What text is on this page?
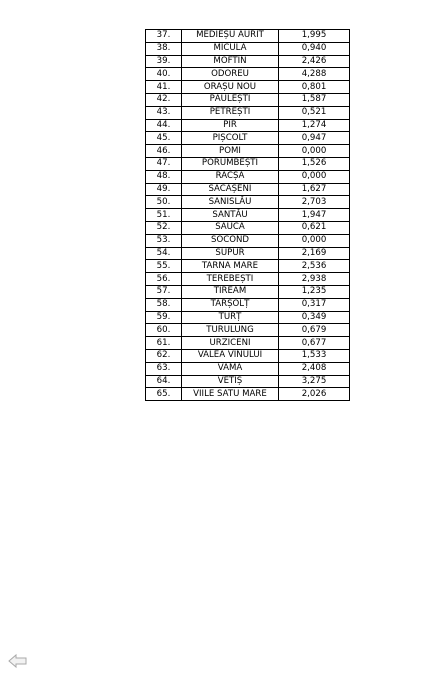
37.	MEDIEȘU AURIT	1,995
38.	MICULA	0,940
39.	MOFTIN	2,426
40.	ODOREU	4,288
41.	ORAȘU NOU	0,801
42.	PĂULEȘTI	1,587
43.	PETREȘTI	0,521
44.	PIR	1,274
45.	PIȘCOLT	0,947
46.	POMI	0,000
47.	PORUMBEȘTI	1,526
48.	RACȘA	0,000
49.	SĂCĂȘENI	1,627
50.	SANISLĂU	2,703
51.	SANTĂU	1,947
52.	SĂUCA	0,621
53.	SOCOND	0,000
54.	SUPUR	2,169
55.	TARNA MARE	2,536
56.	TEREBEȘTI	2,938
57.	TIREAM	1,235
58.	TÂRȘOLȚ	0,317
59.	TURȚ	0,349
60.	TURULUNG	0,679
61.	URZICENI	0,677
62.	VALEA VINULUI	1,533
63.	VAMA	2,408
64.	VETIȘ	3,275
65.	VIILE SATU MARE	2,026
